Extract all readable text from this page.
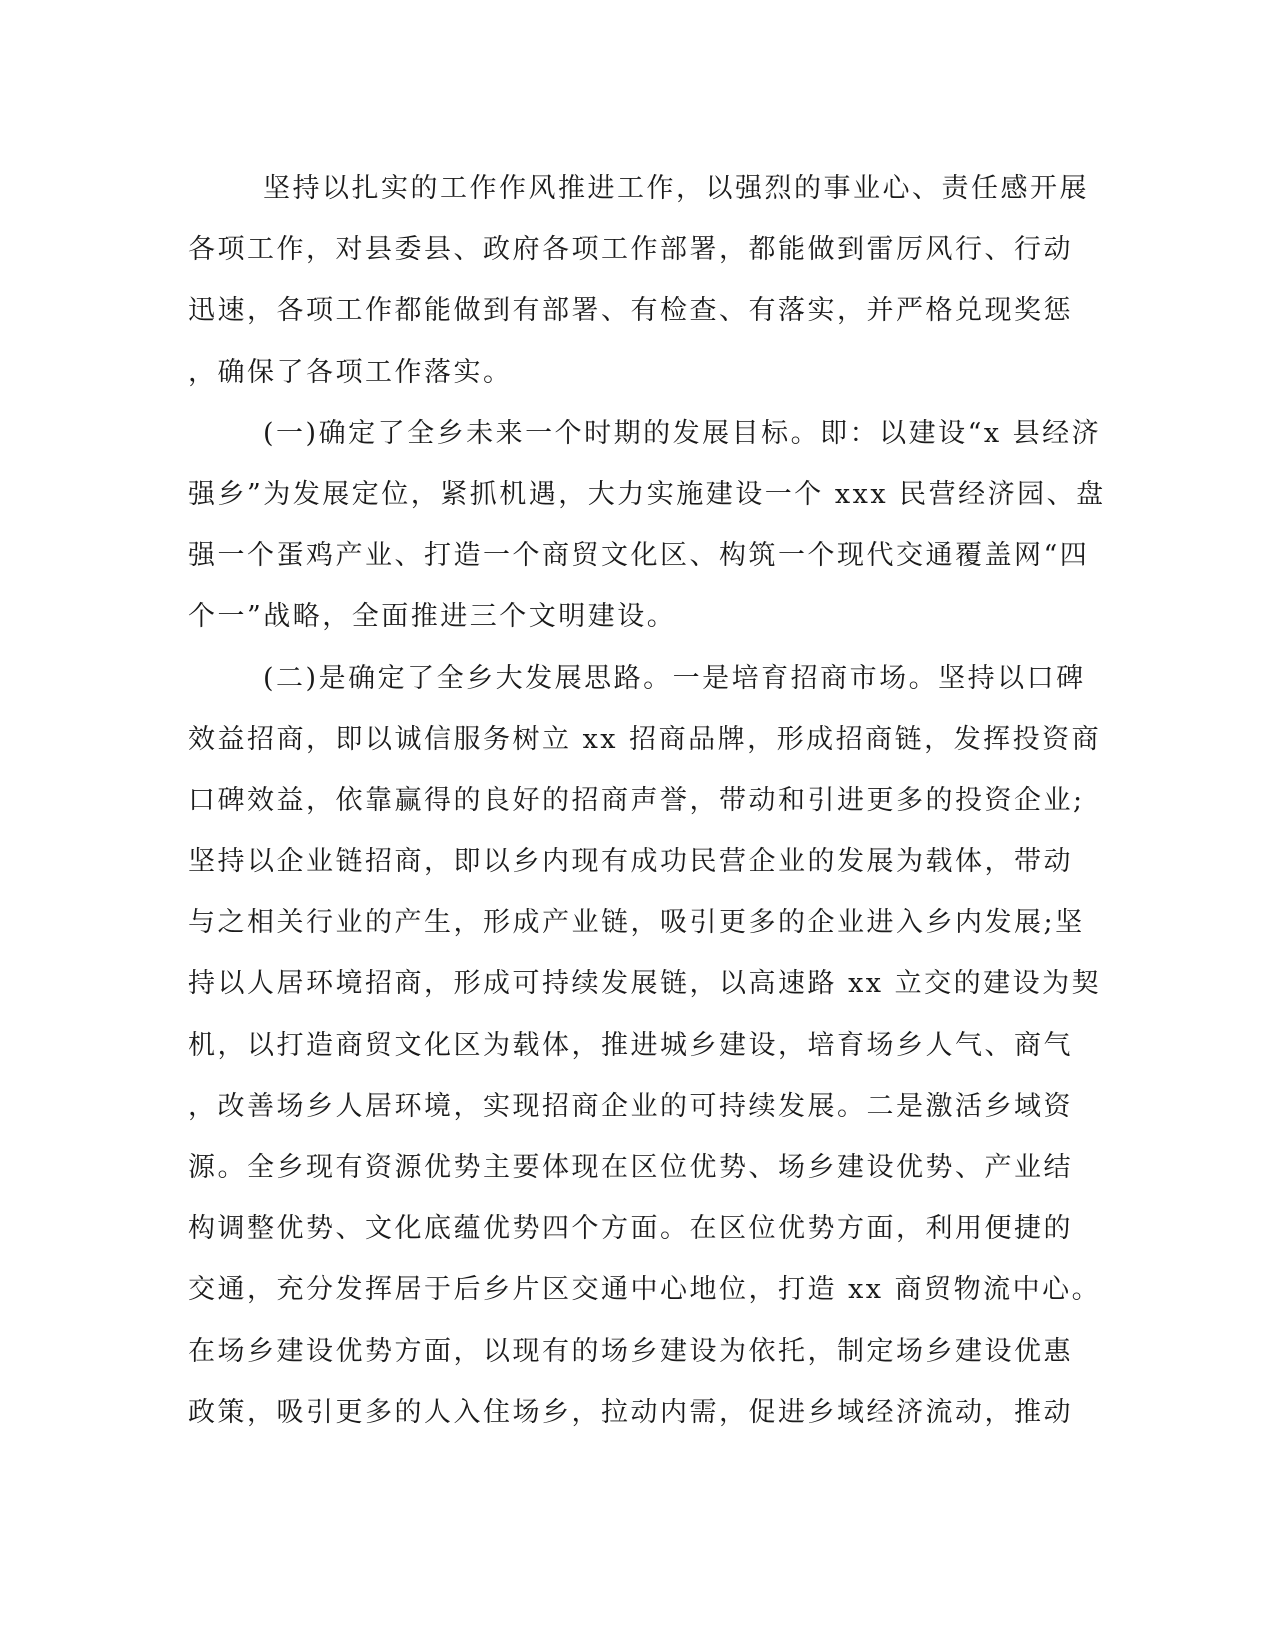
坚持以扎实的工作作风推进工作，以强烈的事业心、责任感开展
各项工作，对县委县、政府各项工作部署，都能做到雷厉风行、行动
迅速，各项工作都能做到有部署、有检查、有落实，并严格兑现奖惩
，确保了各项工作落实。
(一)确定了全乡未来一个时期的发展目标。即：以建设“x 县经济
强乡”为发展定位，紧抓机遇，大力实施建设一个 xxx 民营经济园、盘
强一个蛋鸡产业、打造一个商贸文化区、构筑一个现代交通覆盖网“四
个一”战略，全面推进三个文明建设。
(二)是确定了全乡大发展思路。一是培育招商市场。坚持以口碑
效益招商，即以诚信服务树立 xx 招商品牌，形成招商链，发挥投资商
口碑效益，依靠赢得的良好的招商声誉，带动和引进更多的投资企业;
坚持以企业链招商，即以乡内现有成功民营企业的发展为载体，带动
与之相关行业的产生，形成产业链，吸引更多的企业进入乡内发展;坚
持以人居环境招商，形成可持续发展链，以高速路 xx 立交的建设为契
机，以打造商贸文化区为载体，推进城乡建设，培育场乡人气、商气
，改善场乡人居环境，实现招商企业的可持续发展。二是激活乡域资
源。全乡现有资源优势主要体现在区位优势、场乡建设优势、产业结
构调整优势、文化底蕴优势四个方面。在区位优势方面，利用便捷的
交通，充分发挥居于后乡片区交通中心地位，打造 xx 商贸物流中心。
在场乡建设优势方面，以现有的场乡建设为依托，制定场乡建设优惠
政策，吸引更多的人入住场乡，拉动内需，促进乡域经济流动，推动
